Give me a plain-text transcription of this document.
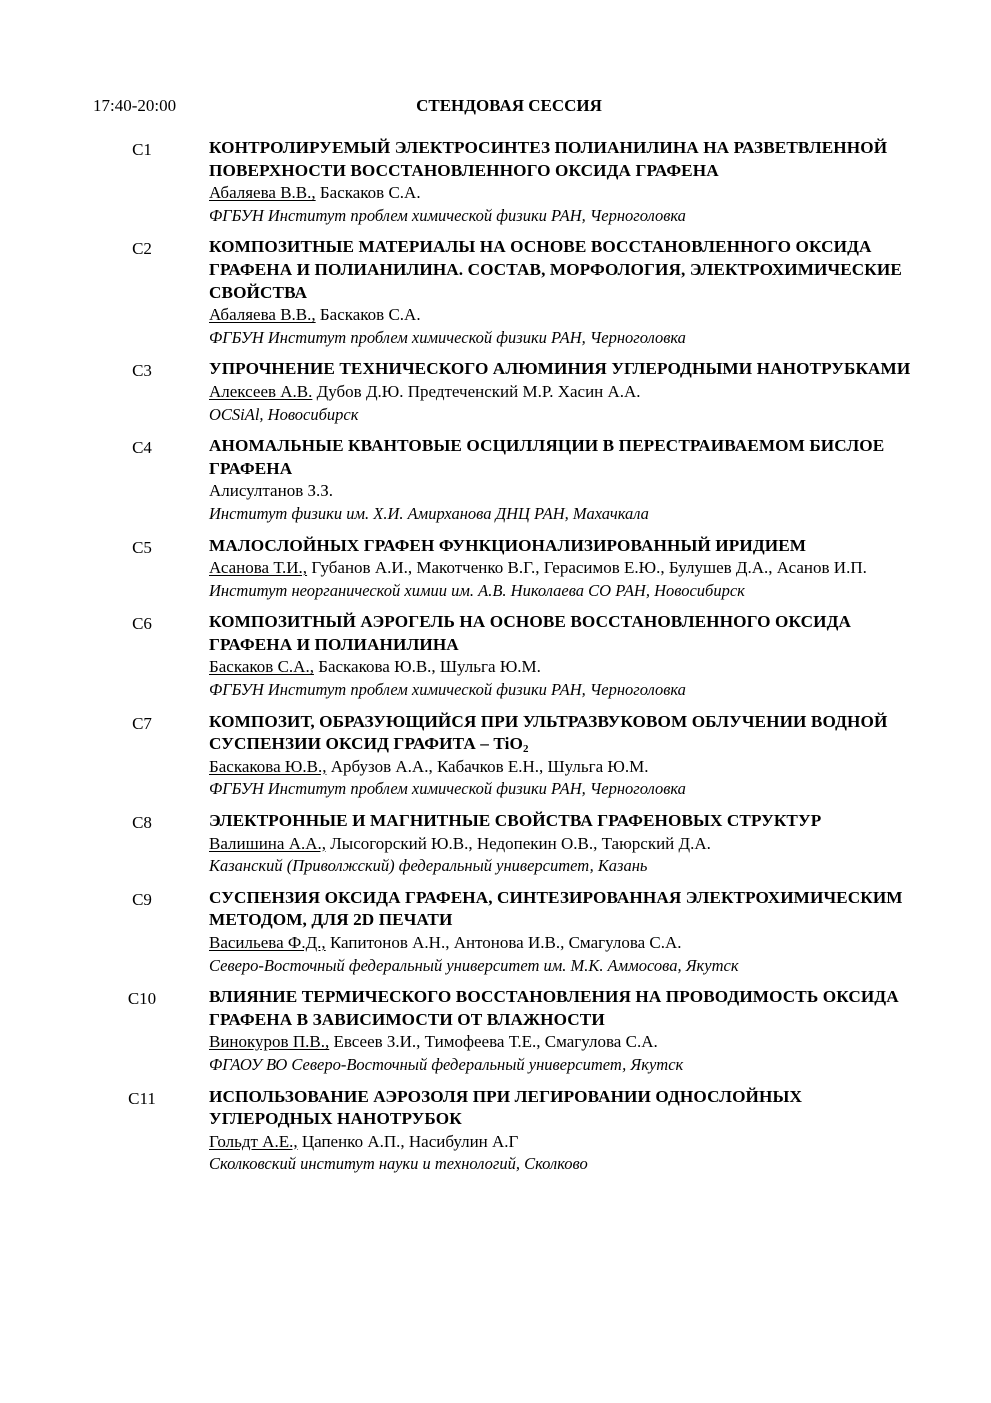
17:40-20:00	СТЕНДОВАЯ СЕССИЯ
С1	КОНТРОЛИРУЕМЫЙ ЭЛЕКТРОСИНТЕЗ ПОЛИАНИЛИНА НА РАЗВЕТВЛЕННОЙ ПОВЕРХНОСТИ ВОССТАНОВЛЕННОГО ОКСИДА ГРАФЕНА
Абаляева В.В., Баскаков С.А.
ФГБУН Институт проблем химической физики РАН, Черноголовка
С2	КОМПОЗИТНЫЕ МАТЕРИАЛЫ НА ОСНОВЕ ВОССТАНОВЛЕННОГО ОКСИДА ГРАФЕНА И ПОЛИАНИЛИНА. СОСТАВ, МОРФОЛОГИЯ, ЭЛЕКТРОХИМИЧЕСКИЕ СВОЙСТВА
Абаляева В.В., Баскаков С.А.
ФГБУН Институт проблем химической физики РАН, Черноголовка
С3	УПРОЧНЕНИЕ ТЕХНИЧЕСКОГО АЛЮМИНИЯ УГЛЕРОДНЫМИ НАНОТРУБКАМИ
Алексеев А.В. Дубов Д.Ю. Предтеченский М.Р. Хасин А.А.
OCSiAl, Новосибирск
С4	АНОМАЛЬНЫЕ КВАНТОВЫЕ ОСЦИЛЛЯЦИИ В ПЕРЕСТРАИВАЕМОМ БИСЛОЕ ГРАФЕНА
Алисултанов З.З.
Институт физики им. Х.И. Амирханова ДНЦ РАН, Махачкала
С5	МАЛОСЛОЙНЫХ ГРАФЕН ФУНКЦИОНАЛИЗИРОВАННЫЙ ИРИДИЕМ
Асанова Т.И., Губанов А.И., Макотченко В.Г., Герасимов Е.Ю., Булушев Д.А., Асанов И.П.
Институт неорганической химии им. А.В. Николаева СО РАН, Новосибирск
С6	КОМПОЗИТНЫЙ АЭРОГЕЛЬ НА ОСНОВЕ ВОССТАНОВЛЕННОГО ОКСИДА ГРАФЕНА И ПОЛИАНИЛИНА
Баскаков С.А., Баскакова Ю.В., Шульга Ю.М.
ФГБУН Институт проблем химической физики РАН, Черноголовка
С7	КОМПОЗИТ, ОБРАЗУЮЩИЙСЯ ПРИ УЛЬТРАЗВУКОВОМ ОБЛУЧЕНИИ ВОДНОЙ СУСПЕНЗИИ ОКСИД ГРАФИТА – TiO$_2$
Баскакова Ю.В., Арбузов А.А., Кабачков Е.Н., Шульга Ю.М.
ФГБУН Институт проблем химической физики РАН, Черноголовка
С8	ЭЛЕКТРОННЫЕ И МАГНИТНЫЕ СВОЙСТВА ГРАФЕНОВЫХ СТРУКТУР
Валишина А.А., Лысогорский Ю.В., Недопекин О.В., Таюрский Д.А.
Казанский (Приволжский) федеральный университет, Казань
С9	СУСПЕНЗИЯ ОКСИДА ГРАФЕНА, СИНТЕЗИРОВАННАЯ ЭЛЕКТРОХИМИЧЕСКИМ МЕТОДОМ, ДЛЯ 2D ПЕЧАТИ
Васильева Ф.Д., Капитонов А.Н., Антонова И.В., Смагулова С.А.
Северо-Восточный федеральный университет им. М.К. Аммосова, Якутск
С10	ВЛИЯНИЕ ТЕРМИЧЕСКОГО ВОССТАНОВЛЕНИЯ НА ПРОВОДИМОСТЬ ОКСИДА ГРАФЕНА В ЗАВИСИМОСТИ ОТ ВЛАЖНОСТИ
Винокуров П.В., Евсеев З.И., Тимофеева Т.Е., Смагулова С.А.
ФГАОУ ВО Северо-Восточный федеральный университет, Якутск
С11	ИСПОЛЬЗОВАНИЕ АЭРОЗОЛЯ ПРИ ЛЕГИРОВАНИИ ОДНОСЛОЙНЫХ УГЛЕРОДНЫХ НАНОТРУБОК
Гольдт А.Е., Цапенко А.П., Насибулин А.Г
Сколковский институт науки и технологий, Сколково
